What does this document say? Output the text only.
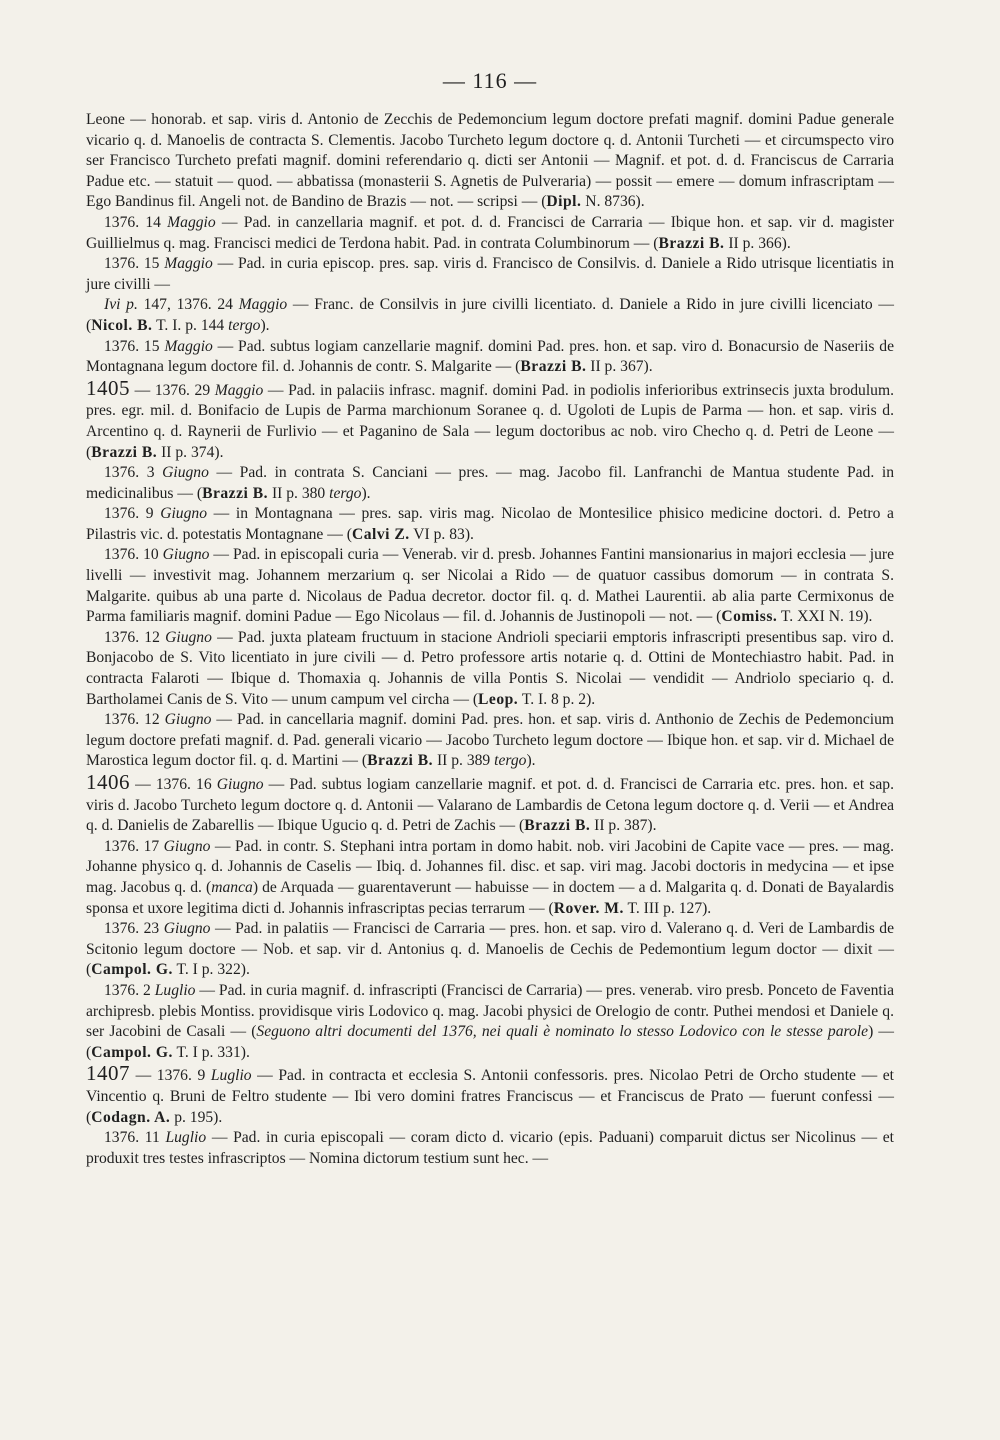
— 116 —

Leone — honorab. et sap. viris d. Antonio de Zecchis de Pedemoncium legum doctore prefati magnif. domini Padue generale vicario q. d. Manoelis de contracta S. Clementis. Jacobo Turcheto legum doctore q. d. Antonii Turcheti — et circumspecto viro ser Francisco Turcheto prefati magnif. domini referendario q. dicti ser Antonii — Magnif. et pot. d. d. Franciscus de Carraria Padue etc. — statuit — quod. — abbatissa (monasterii S. Agnetis de Pulveraria) — possit — emere — domum infrascriptam — Ego Bandinus fil. Angeli not. de Bandino de Brazis — not. — scripsi — (Dipl. N. 8736).

1376. 14 Maggio — Pad. in canzellaria magnif. et pot. d. d. Francisci de Carraria — Ibique hon. et sap. vir d. magister Guillielmus q. mag. Francisci medici de Terdona habit. Pad. in contrata Columbinorum — (Brazzi B. II p. 366).

1376. 15 Maggio — Pad. in curia episcop. pres. sap. viris d. Francisco de Consilvis. d. Daniele a Rido utrisque licentiatis in jure civilli —

Ivi p. 147, 1376. 24 Maggio — Franc. de Consilvis in jure civilli licentiato. d. Daniele a Rido in jure civilli licenciato — (Nicol. B. T. I. p. 144 tergo).

1376. 15 Maggio — Pad. subtus logiam canzellarie magnif. domini Pad. pres. hon. et sap. viro d. Bonacursio de Naseriis de Montagnana legum doctore fil. d. Johannis de contr. S. Malgarite — (Brazzi B. II p. 367).

1405 — 1376. 29 Maggio — Pad. in palaciis infrasc. magnif. domini Pad. in podiolis inferioribus extrinsecis juxta brodulum. pres. egr. mil. d. Bonifacio de Lupis de Parma marchionum Soranee q. d. Ugoloti de Lupis de Parma — hon. et sap. viris d. Arcentino q. d. Raynerii de Furlivio — et Paganino de Sala — legum doctoribus ac nob. viro Chechо q. d. Petri de Leone — (Brazzi B. II p. 374).

1376. 3 Giugno — Pad. in contrata S. Canciani — pres. — mag. Jacobo fil. Lanfranchi de Mantua studente Pad. in medicinalibus — (Brazzi B. II p. 380 tergo).

1376. 9 Giugno — in Montagnana — pres. sap. viris mag. Nicolao de Montesilice phisico medicine doctori. d. Petro a Pilastris vic. d. potestatis Montagnane — (Calvi Z. VI p. 83).

1376. 10 Giugno — Pad. in episcopali curia — Venerab. vir d. presb. Johannes Fantini mansionarius in majori ecclesia — jure livelli — investivit mag. Johannem merzarium q. ser Nicolai a Rido — de quatuor cassibus domorum — in contrata S. Malgarite. quibus ab una parte d. Nicolaus de Padua decretor. doctor fil. q. d. Mathei Laurentii. ab alia parte Cermixonus de Parma familiaris magnif. domini Padue — Ego Nicolaus — fil. d. Johannis de Justinopoli — not. — (Comiss. T. XXI N. 19).

1376. 12 Giugno — Pad. juxta plateam fructuum in stacione Andrioli speciarii emptoris infrascripti presentibus sap. viro d. Bonjacobo de S. Vito licentiato in jure civili — d. Petro professore artis notarie q. d. Ottini de Montechiastro habit. Pad. in contracta Falaroti — Ibique d. Thomaxia q. Johannis de villa Pontis S. Nicolai — vendidit — Andriolo speciario q. d. Bartholamei Canis de S. Vito — unum campum vel circha — (Leop. T. I. 8 p. 2).

1376. 12 Giugno — Pad. in cancellaria magnif. domini Pad. pres. hon. et sap. viris d. Anthonio de Zechis de Pedemoncium legum doctore prefati magnif. d. Pad. generali vicario — Jacobo Turcheto legum doctore — Ibique hon. et sap. vir d. Michael de Marostica legum doctor fil. q. d. Martini — (Brazzi B. II p. 389 tergo).

1406 — 1376. 16 Giugno — Pad. subtus logiam canzellarie magnif. et pot. d. d. Francisci de Carraria etc. pres. hon. et sap. viris d. Jacobo Turcheto legum doctore q. d. Antonii — Valarano de Lambardis de Cetona legum doctore q. d. Verii — et Andrea q. d. Danielis de Zabarellis — Ibique Ugucio q. d. Petri de Zachis — (Brazzi B. II p. 387).

1376. 17 Giugno — Pad. in contr. S. Stephani intra portam in domo habit. nob. viri Jacobini de Capite vace — pres. — mag. Johanne physico q. d. Johannis de Caselis — Ibiq. d. Johannes fil. disc. et sap. viri mag. Jacobi doctoris in medycina — et ipse mag. Jacobus q. d. (manca) de Arquada — guarentaverunt — habuisse — in doctem — a d. Malgarita q. d. Donati de Bayalardis sponsa et uxore legitima dicti d. Johannis infrascriptas pecias terrarum — (Rover. M. T. III p. 127).

1376. 23 Giugno — Pad. in palatiis — Francisci de Carraria — pres. hon. et sap. viro d. Valerano q. d. Veri de Lambardis de Scitonio legum doctore — Nob. et sap. vir d. Antonius q. d. Manoelis de Cechis de Pedemontium legum doctor — dixit — (Campol. G. T. I p. 322).

1376. 2 Luglio — Pad. in curia magnif. d. infrascripti (Francisci de Carraria) — pres. venerab. viro presb. Ponceto de Faventia archipresb. plebis Montiss. providisque viris Lodovico q. mag. Jacobi physici de Orelogio de contr. Puthei mendosi et Daniele q. ser Jacobini de Casali — (Seguono altri documenti del 1376, nei quali è nominato lo stesso Lodovico con le stesse parole) — (Campol. G. T. I p. 331).

1407 — 1376. 9 Luglio — Pad. in contracta et ecclesia S. Antonii confessoris. pres. Nicolao Petri de Orcho studente — et Vincentio q. Bruni de Feltro studente — Ibi vero domini fratres Franciscus — et Franciscus de Prato — fuerunt confessi — (Codagn. A. p. 195).

1376. 11 Luglio — Pad. in curia episcopali — coram dicto d. vicario (epis. Paduani) comparuit dictus ser Nicolinus — et produxit tres testes infrascriptos — Nomina dictorum testium sunt hec. —
